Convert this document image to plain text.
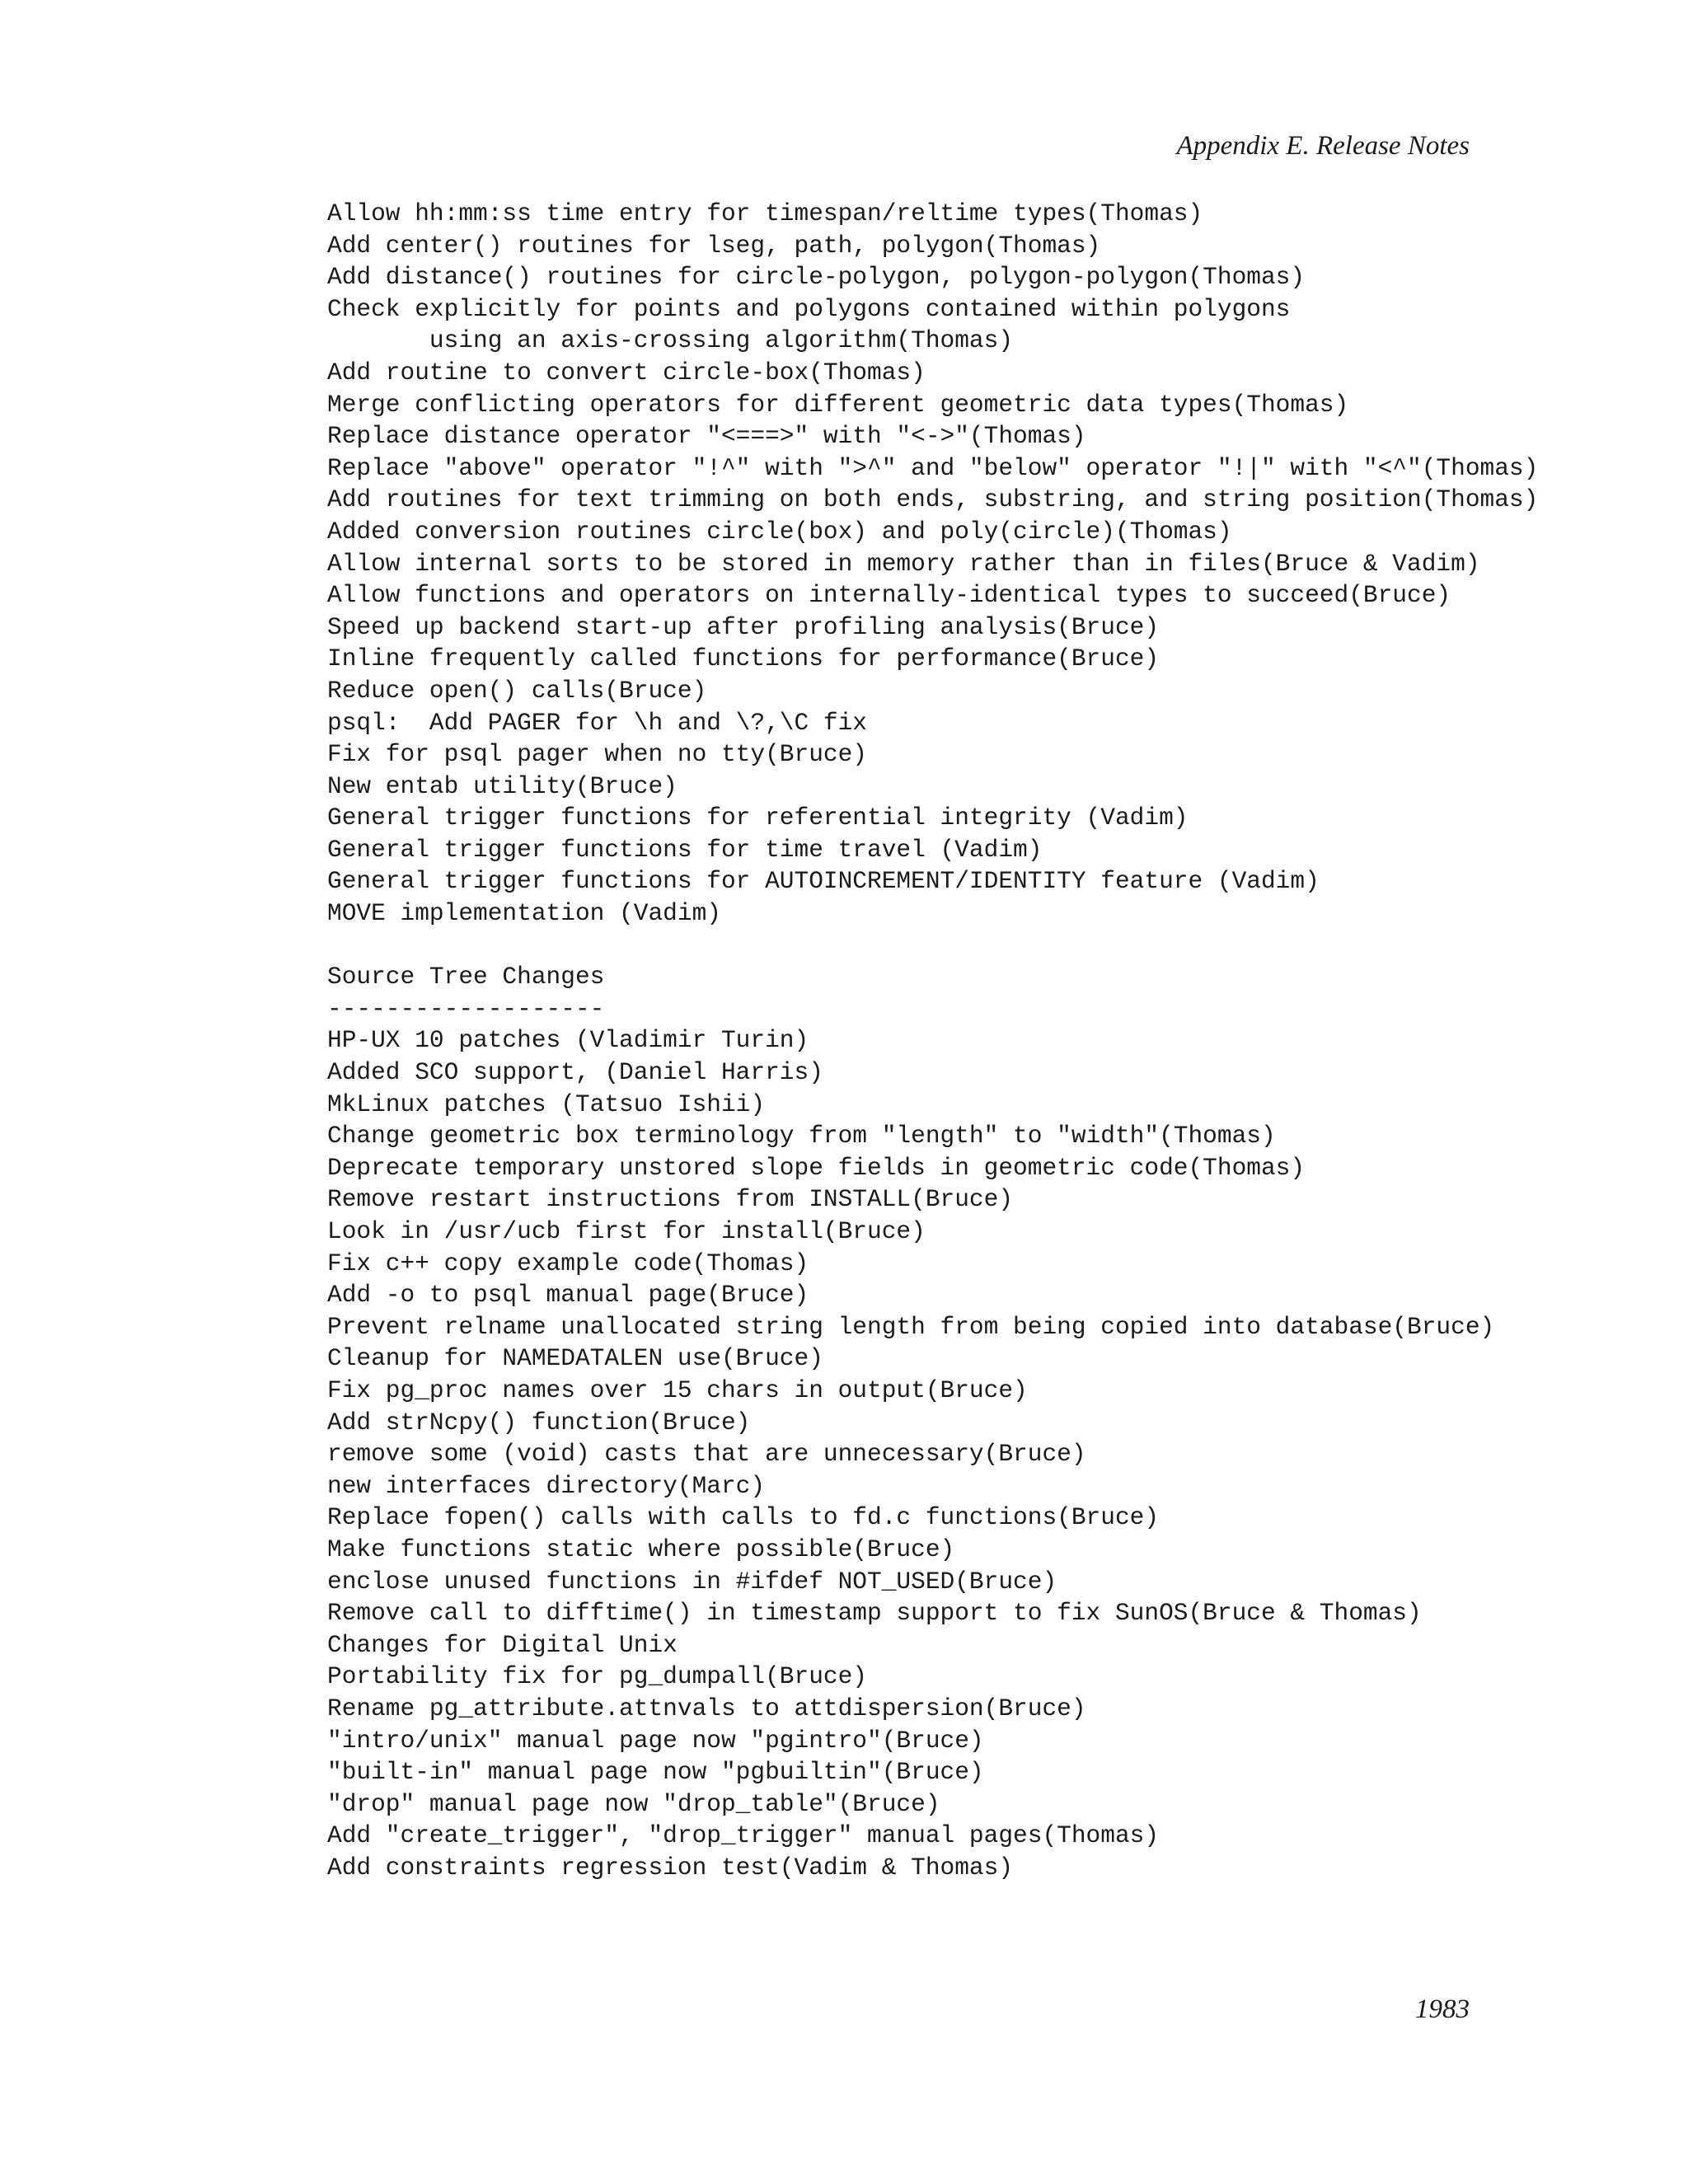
Appendix E. Release Notes
Allow hh:mm:ss time entry for timespan/reltime types(Thomas)
Add center() routines for lseg, path, polygon(Thomas)
Add distance() routines for circle-polygon, polygon-polygon(Thomas)
Check explicitly for points and polygons contained within polygons
using an axis-crossing algorithm(Thomas)
Add routine to convert circle-box(Thomas)
Merge conflicting operators for different geometric data types(Thomas)
Replace distance operator "<===>" with "<->"(Thomas)
Replace "above" operator "!^" with ">^" and "below" operator "!|" with "<^"(Thomas)
Add routines for text trimming on both ends, substring, and string position(Thomas)
Added conversion routines circle(box) and poly(circle)(Thomas)
Allow internal sorts to be stored in memory rather than in files(Bruce & Vadim)
Allow functions and operators on internally-identical types to succeed(Bruce)
Speed up backend start-up after profiling analysis(Bruce)
Inline frequently called functions for performance(Bruce)
Reduce open() calls(Bruce)
psql:  Add PAGER for \h and \?,\C fix
Fix for psql pager when no tty(Bruce)
New entab utility(Bruce)
General trigger functions for referential integrity (Vadim)
General trigger functions for time travel (Vadim)
General trigger functions for AUTOINCREMENT/IDENTITY feature (Vadim)
MOVE implementation (Vadim)
Source Tree Changes
-------------------
HP-UX 10 patches (Vladimir Turin)
Added SCO support, (Daniel Harris)
MkLinux patches (Tatsuo Ishii)
Change geometric box terminology from "length" to "width"(Thomas)
Deprecate temporary unstored slope fields in geometric code(Thomas)
Remove restart instructions from INSTALL(Bruce)
Look in /usr/ucb first for install(Bruce)
Fix c++ copy example code(Thomas)
Add -o to psql manual page(Bruce)
Prevent relname unallocated string length from being copied into database(Bruce)
Cleanup for NAMEDATALEN use(Bruce)
Fix pg_proc names over 15 chars in output(Bruce)
Add strNcpy() function(Bruce)
remove some (void) casts that are unnecessary(Bruce)
new interfaces directory(Marc)
Replace fopen() calls with calls to fd.c functions(Bruce)
Make functions static where possible(Bruce)
enclose unused functions in #ifdef NOT_USED(Bruce)
Remove call to difftime() in timestamp support to fix SunOS(Bruce & Thomas)
Changes for Digital Unix
Portability fix for pg_dumpall(Bruce)
Rename pg_attribute.attnvals to attdispersion(Bruce)
"intro/unix" manual page now "pgintro"(Bruce)
"built-in" manual page now "pgbuiltin"(Bruce)
"drop" manual page now "drop_table"(Bruce)
Add "create_trigger", "drop_trigger" manual pages(Thomas)
Add constraints regression test(Vadim & Thomas)

1983
